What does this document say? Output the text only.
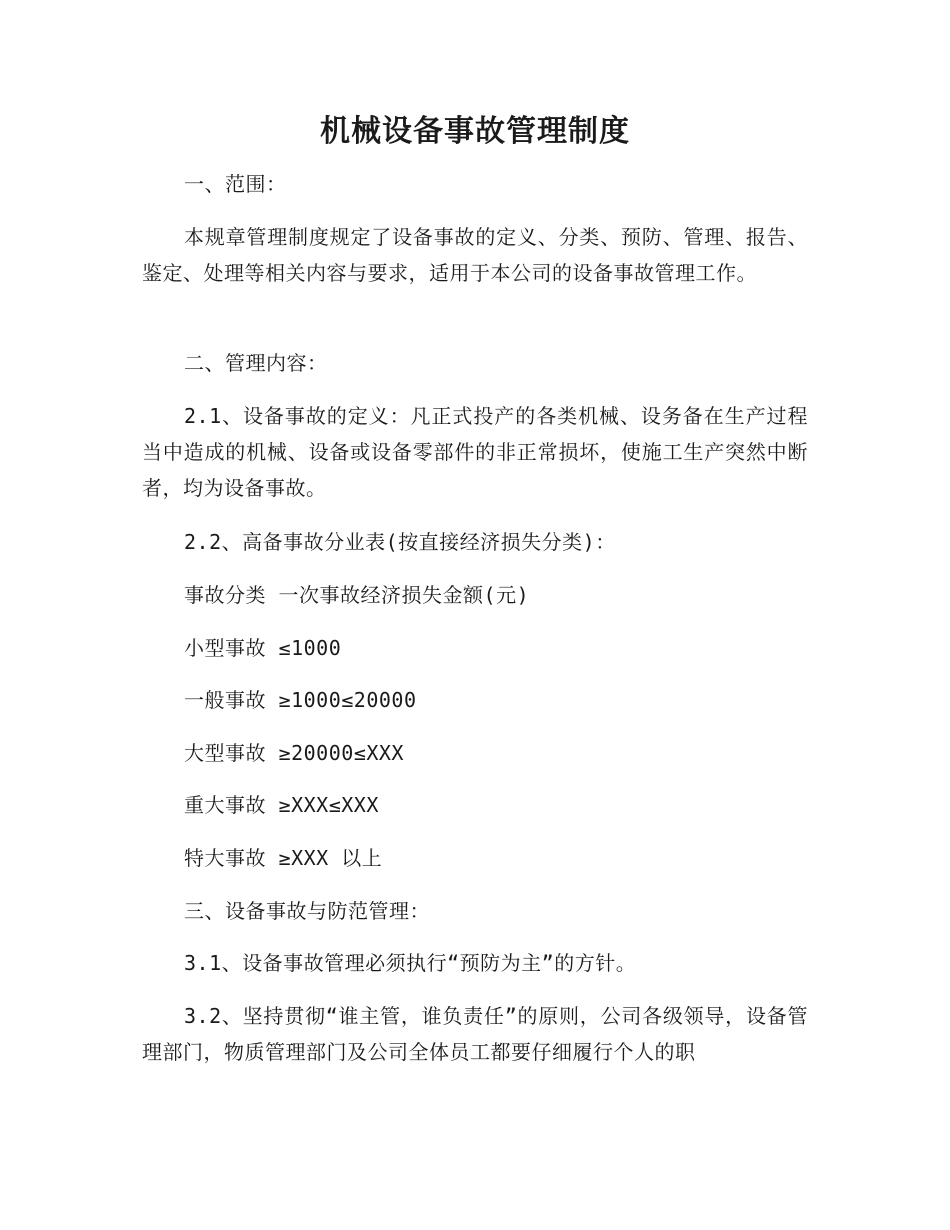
机械设备事故管理制度
一、范围：
本规章管理制度规定了设备事故的定义、分类、预防、管理、报告、鉴定、处理等相关内容与要求，适用于本公司的设备事故管理工作。
二、管理内容：
2.1、设备事故的定义：凡正式投产的各类机械、设务备在生产过程当中造成的机械、设备或设备零部件的非正常损坏，使施工生产突然中断者，均为设备事故。
2.2、高备事故分业表(按直接经济损失分类)：
事故分类 一次事故经济损失金额(元)
小型事故 ≤1000
一般事故 ≥1000≤20000
大型事故 ≥20000≤XXX
重大事故 ≥XXX≤XXX
特大事故 ≥XXX 以上
三、设备事故与防范管理：
3.1、设备事故管理必须执行“预防为主”的方针。
3.2、坚持贯彻“谁主管，谁负责任”的原则，公司各级领导，设备管理部门，物质管理部门及公司全体员工都要仔细履行个人的职
